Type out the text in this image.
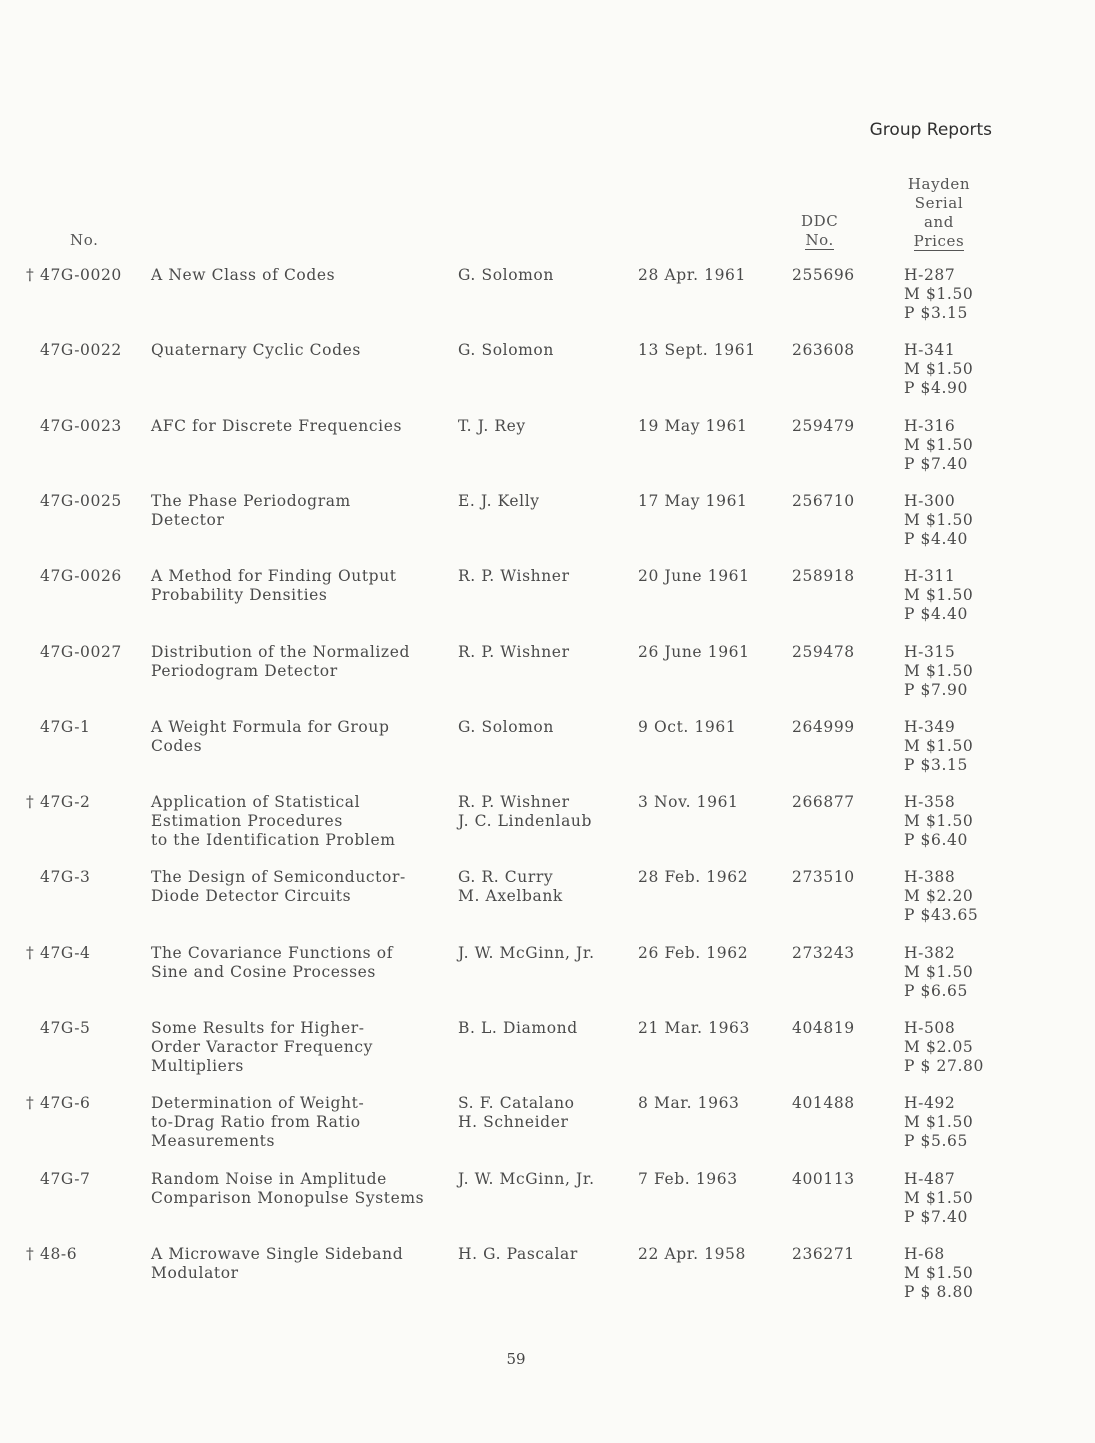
Group Reports
No.
DDC
No.
Hayden
Serial
and
Prices
† 47G-0020 A New Class of Codes	G. Solomon	28 Apr. 1961	255696	H-287
M $1.50
P $3.15
47G-0022 Quaternary Cyclic Codes	G. Solomon	13 Sept. 1961 263608	H-341
M $1.50
P $4.90
47G-0023 AFC for Discrete Frequencies	T. J. Rey	19 May 1961	259479	H-316
M $1.50
P $7.40
47G-0025 The Phase Periodogram
Detector
E. J. Kelly	17 May 1961	256710	H-300
M $1.50
P $4.40
47G-0026 A Method for Finding Output
Probability Densities
R. P. Wishner	20 June 1961	258918	H-311
M $1.50
P $4.40
47G-0027 Distribution of the Normalized
Periodogram Detector
R. P. Wishner	26 June 1961	259478	H-315
M $1.50
P $7.90
47G-1	A Weight Formula for Group
Codes
G. Solomon	9 Oct. 1961	264999	H-349
M $1.50
P $3.15
† 47G-2	Application of Statistical
Estimation Procedures
to the Identification Problem
R. P. Wishner
J. C. Lindenlaub
3 Nov. 1961	266877	H-358
M $1.50
P $6.40
47G-3	The Design of Semiconductor-
Diode Detector Circuits
G. R. Curry
M. Axelbank
28 Feb. 1962	273510	H-388
M $2.20
P $43.65
† 47G-4	The Covariance Functions of
Sine and Cosine Processes
J. W. McGinn, Jr.	26 Feb. 1962	273243	H-382
M $1.50
P $6.65
47G-5	Some Results for Higher-
Order Varactor Frequency
Multipliers
B. L. Diamond	21 Mar. 1963	404819	H-508
M $2.05
P $ 27.80
† 47G-6	Determination of Weight-
to-Drag Ratio from Ratio
Measurements
S. F. Catalano
H. Schneider
8 Mar. 1963	401488	H-492
M $1.50
P $5.65
47G-7	Random Noise in Amplitude
Comparison Monopulse Systems
J. W. McGinn, Jr.	7 Feb. 1963	400113	H-487
M $1.50
P $7.40
† 48-6	A Microwave Single Sideband
Modulator
H. G. Pascalar	22 Apr. 1958	236271	H-68
M $1.50
P $ 8.80
59
